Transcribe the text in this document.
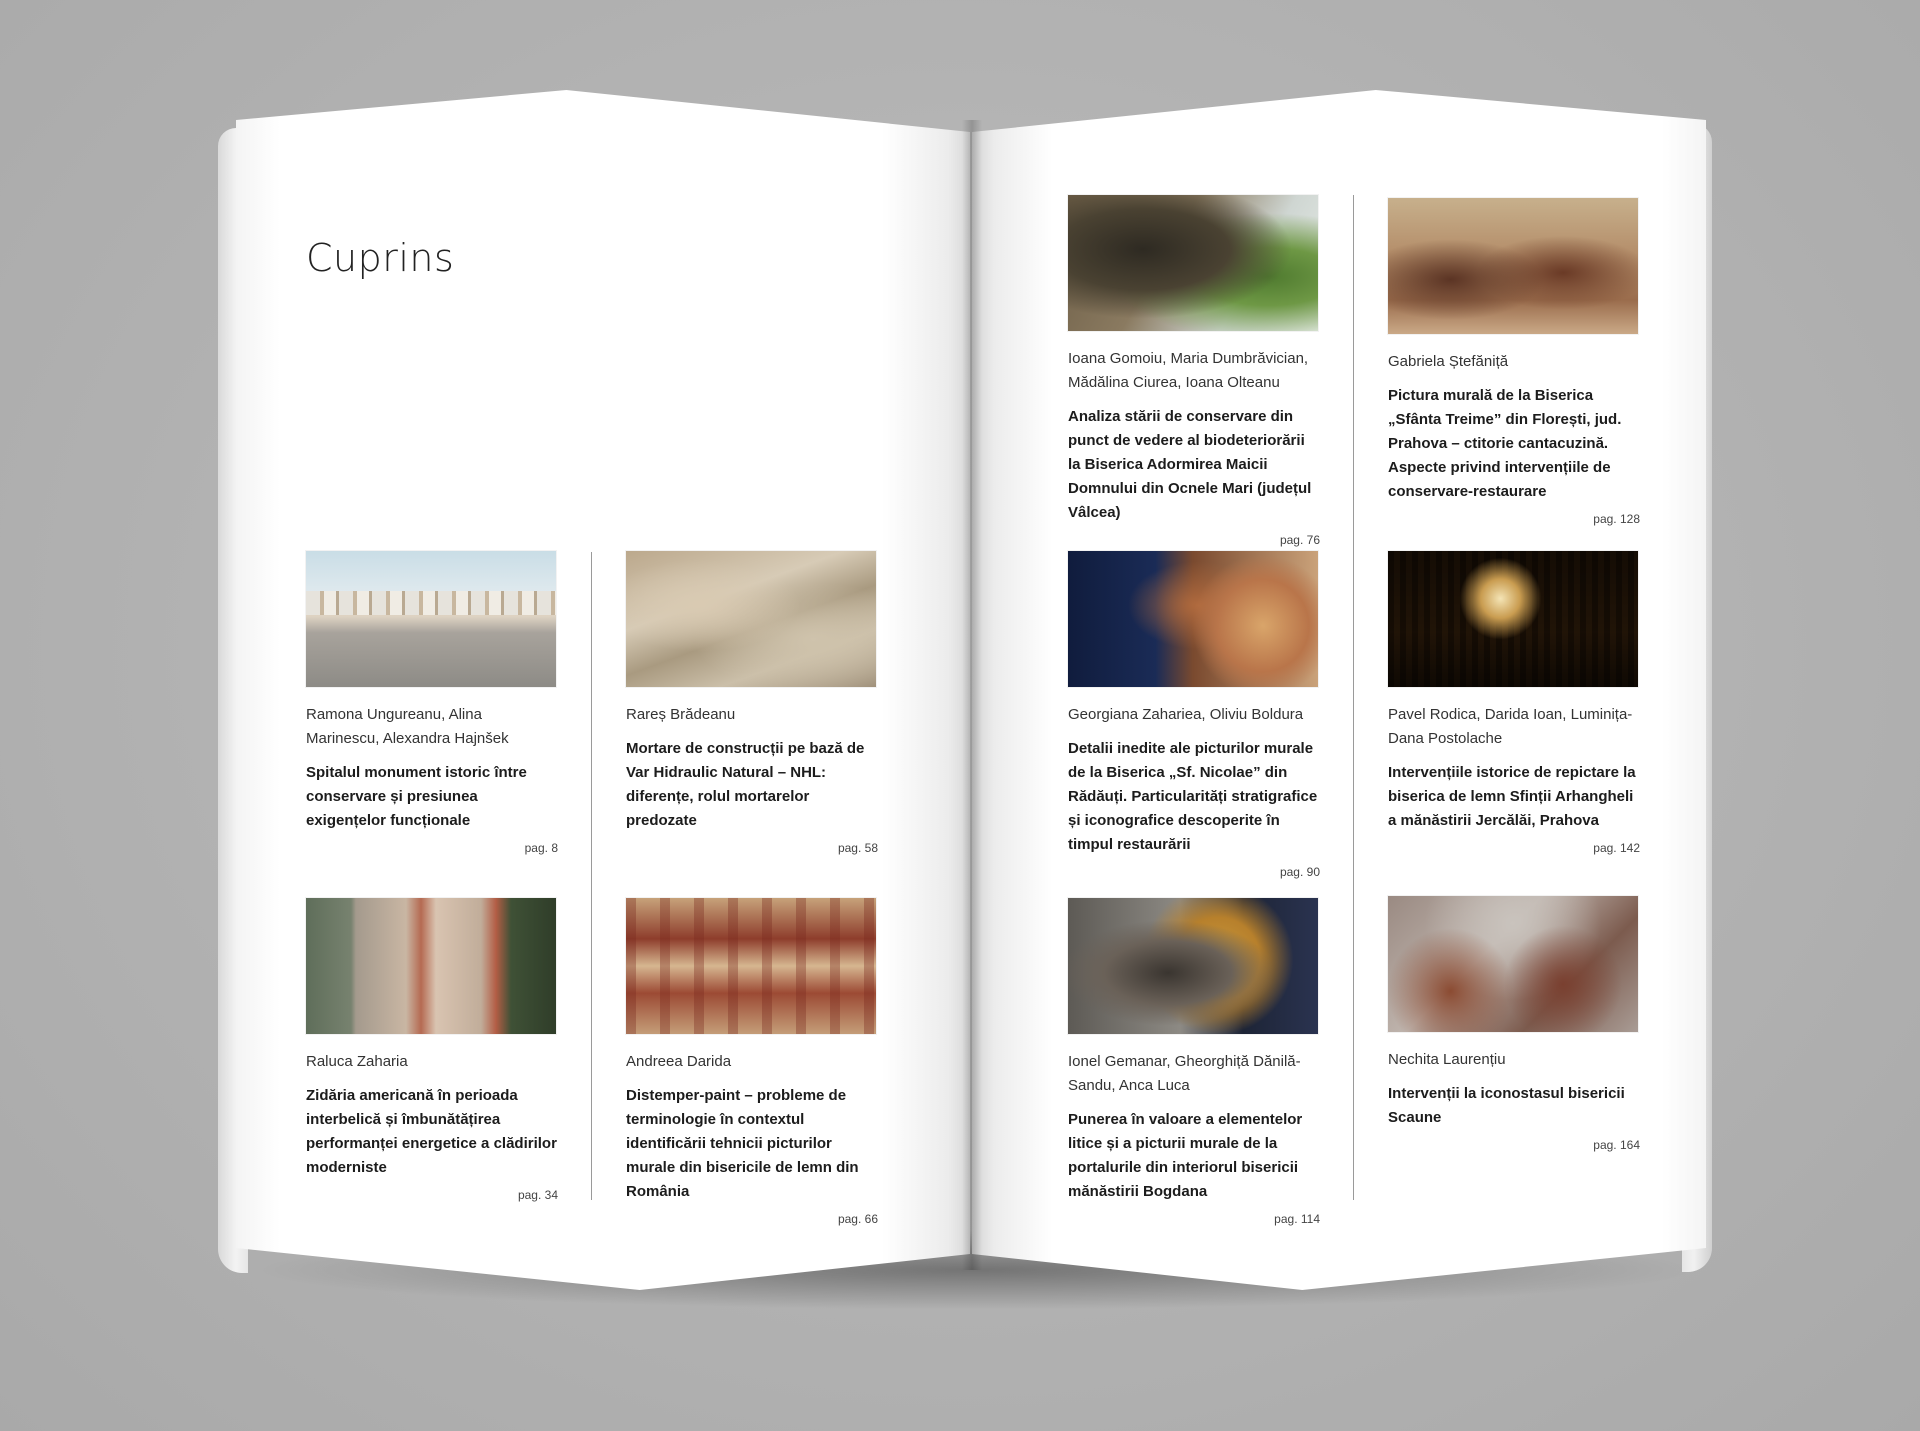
Cuprins
Ramona Ungureanu, Alina Marinescu, Alexandra Hajnšek
Spitalul monument istoric între conservare și presiunea exigențelor funcționale
pag. 8
Rareș Brădeanu
Mortare de construcții pe bază de Var Hidraulic Natural – NHL: diferențe, rolul mortarelor predozate
pag. 58
Raluca Zaharia
Zidăria americană în perioada interbelică și îmbunătățirea performanței energetice a clădirilor moderniste
pag. 34
Andreea Darida
Distemper-paint – probleme de terminologie în contextul identificării tehnicii picturilor murale din bisericile de lemn din România
pag. 66
Ioana Gomoiu, Maria Dumbrăvician, Mădălina Ciurea, Ioana Olteanu
Analiza stării de conservare din punct de vedere al biodeteriorării la Biserica Adormirea Maicii Domnului din Ocnele Mari (județul Vâlcea)
pag. 76
Gabriela Ștefăniță
Pictura murală de la Biserica „Sfânta Treime” din Florești, jud. Prahova – ctitorie cantacuzină. Aspecte privind intervențiile de conservare-restaurare
pag. 128
Georgiana Zaharieа, Oliviu Boldura
Detalii inedite ale picturilor murale de la Biserica „Sf. Nicolae” din Rădăuți. Particularități stratigrafice și iconografice descoperite în timpul restaurării
pag. 90
Pavel Rodica, Darida Ioan, Luminița-Dana Postolache
Intervențiile istorice de repictare la biserica de lemn Sfinții Arhangheli a mănăstirii Jercălăi, Prahova
pag. 142
Ionel Gemanar, Gheorghiță Dănilă-Sandu, Anca Luca
Punerea în valoare a elementelor litice și a picturii murale de la portalurile din interiorul bisericii mănăstirii Bogdana
pag. 114
Nechita Laurențiu
Intervenții la iconostasul bisericii Scaune
pag. 164
